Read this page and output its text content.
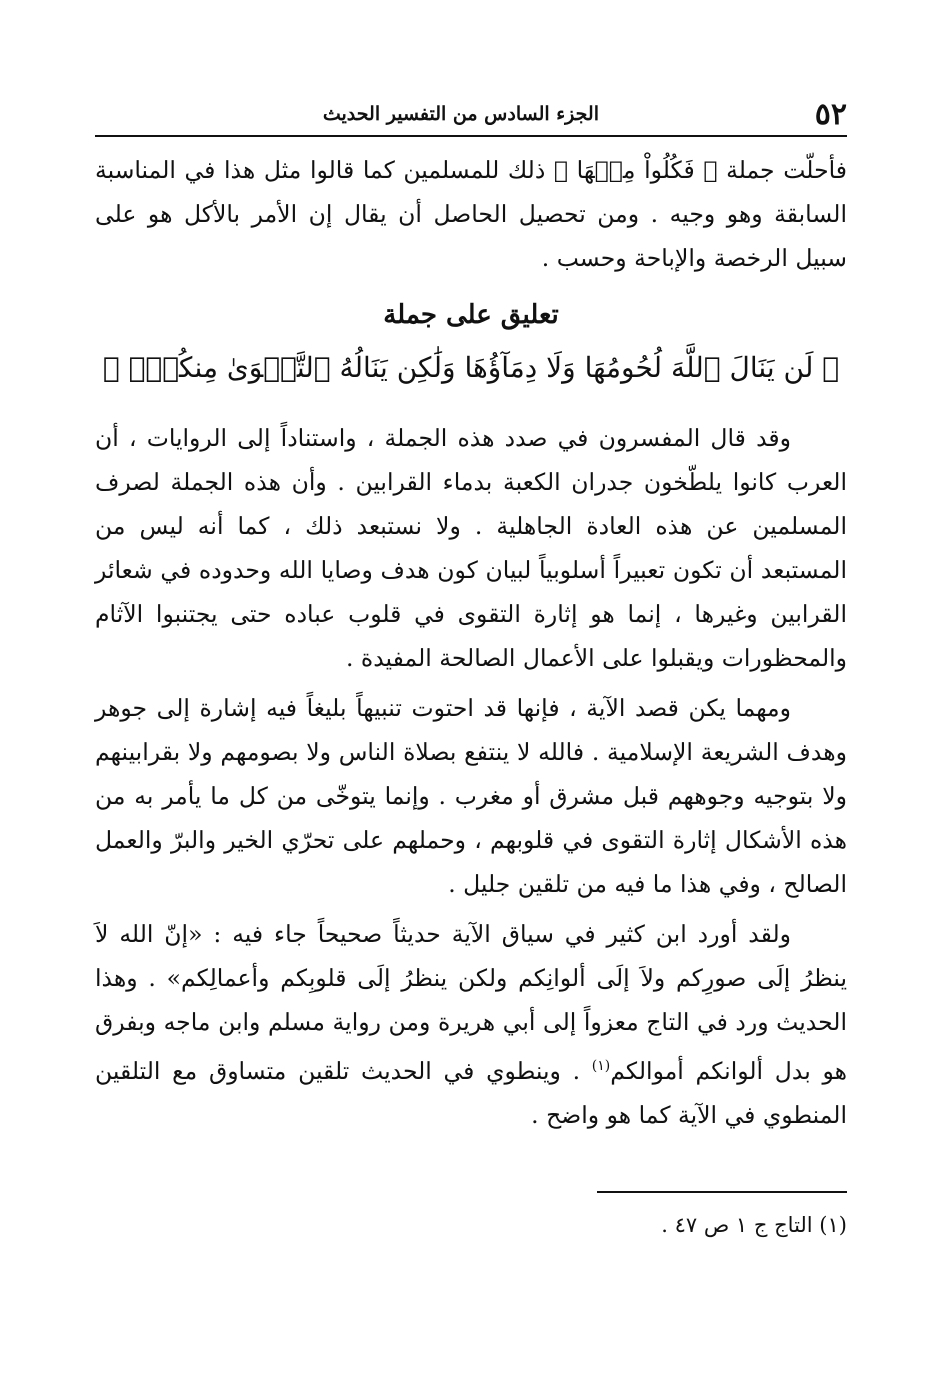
٥٢
الجزء السادس من التفسير الحديث

فأحلّت جملة ﴿ فَكُلُواْ مِنۡهَا ﴾ ذلك للمسلمين كما قالوا مثل هذا في المناسبة السابقة وهو وجيه . ومن تحصيل الحاصل أن يقال إن الأمر بالأكل هو على سبيل الرخصة والإباحة وحسب .

تعليق على جملة
﴿ لَن يَنَالَ ٱللَّهَ لُحُومُهَا وَلَا دِمَآؤُهَا وَلَٰكِن يَنَالُهُ ٱلتَّقۡوَىٰ مِنكُمۡۚ ﴾

وقد قال المفسرون في صدد هذه الجملة ، واستناداً إلى الروايات ، أن العرب كانوا يلطّخون جدران الكعبة بدماء القرابين . وأن هذه الجملة لصرف المسلمين عن هذه العادة الجاهلية . ولا نستبعد ذلك ، كما أنه ليس من المستبعد أن تكون تعبيراً أسلوبياً لبيان كون هدف وصايا الله وحدوده في شعائر القرابين وغيرها ، إنما هو إثارة التقوى في قلوب عباده حتى يجتنبوا الآثام والمحظورات ويقبلوا على الأعمال الصالحة المفيدة .

ومهما يكن قصد الآية ، فإنها قد احتوت تنبيهاً بليغاً فيه إشارة إلى جوهر وهدف الشريعة الإسلامية . فالله لا ينتفع بصلاة الناس ولا بصومهم ولا بقرابينهم ولا بتوجيه وجوههم قبل مشرق أو مغرب . وإنما يتوخّى من كل ما يأمر به من هذه الأشكال إثارة التقوى في قلوبهم ، وحملهم على تحرّي الخير والبرّ والعمل الصالح ، وفي هذا ما فيه من تلقين جليل .

ولقد أورد ابن كثير في سياق الآية حديثاً صحيحاً جاء فيه : «إنّ الله لاَ ينظرُ إلَى صورِكم ولاَ إلَى ألوانِكم ولكن ينظرُ إلَى قلوبِكم وأعمالِكم» . وهذا الحديث ورد في التاج معزواً إلى أبي هريرة ومن رواية مسلم وابن ماجه وبفرق هو بدل ألوانكم أموالكم$^{(١)}$ . وينطوي في الحديث تلقين متساوق مع التلقين المنطوي في الآية كما هو واضح .

(١) التاج ج ١ ص ٤٧ .
